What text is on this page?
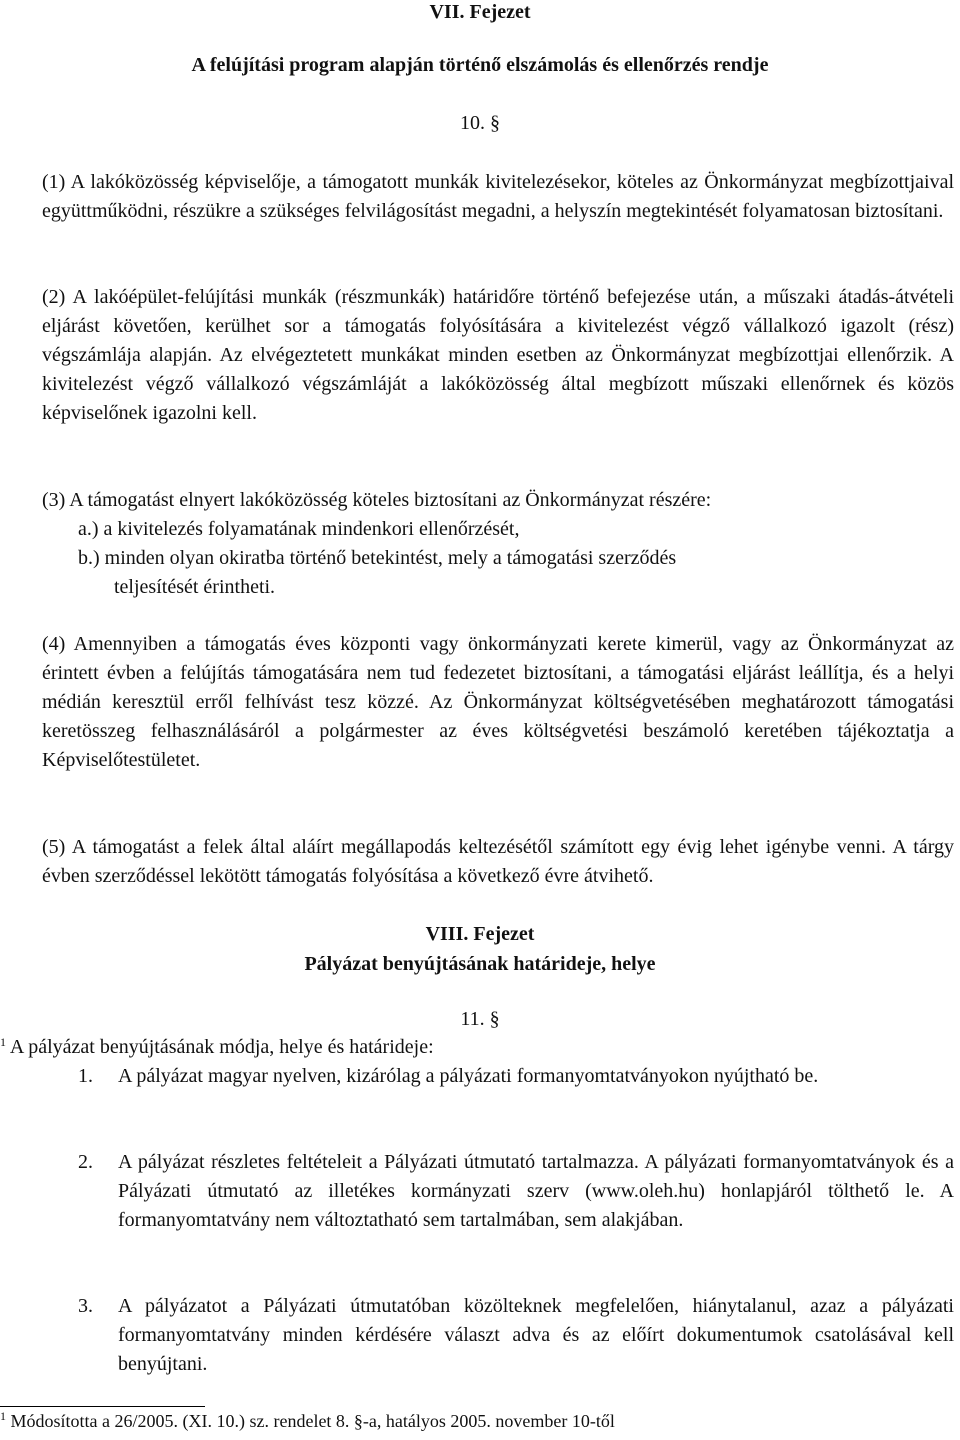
VII. Fejezet
A felújítási program alapján történő elszámolás és ellenőrzés rendje
10. §

(1) A lakóközösség képviselője, a támogatott munkák kivitelezésekor, köteles az Önkormányzat megbízottjaival együttműködni, részükre a szükséges felvilágosítást megadni, a helyszín megtekintését folyamatosan biztosítani.

(2) A lakóépület-felújítási munkák (részmunkák) határidőre történő befejezése után, a műszaki átadás-átvételi eljárást követően, kerülhet sor a támogatás folyósítására a kivitelezést végző vállalkozó igazolt (rész) végszámlája alapján. Az elvégeztetett munkákat minden esetben az Önkormányzat megbízottjai ellenőrzik. A kivitelezést végző vállalkozó végszámláját a lakóközösség által megbízott műszaki ellenőrnek és közös képviselőnek igazolni kell.

(3) A támogatást elnyert lakóközösség köteles biztosítani az Önkormányzat részére:

a.) a kivitelezés folyamatának mindenkori ellenőrzését,

b.) minden olyan okiratba történő betekintést, mely a támogatási szerződés

teljesítését érintheti.

(4) Amennyiben a támogatás éves központi vagy önkormányzati kerete kimerül, vagy az Önkormányzat az érintett évben a felújítás támogatására nem tud fedezetet biztosítani, a támogatási eljárást leállítja, és a helyi médián keresztül erről felhívást tesz közzé. Az Önkormányzat költségvetésében meghatározott támogatási keretösszeg felhasználásáról a polgármester az éves költségvetési beszámoló keretében tájékoztatja a Képviselőtestületet.

(5) A támogatást a felek által aláírt megállapodás keltezésétől számított egy évig lehet igénybe venni. A tárgy évben szerződéssel lekötött támogatás folyósítása a következő évre átvihető.

VIII. Fejezet
Pályázat benyújtásának határideje, helye
11. §
$^1$ A pályázat benyújtásának módja, helye és határideje:
1. A pályázat magyar nyelven, kizárólag a pályázati formanyomtatványokon nyújtható be.

2. A pályázat részletes feltételeit a Pályázati útmutató tartalmazza. A pályázati formanyomtatványok és a Pályázati útmutató az illetékes kormányzati szerv (www.oleh.hu) honlapjáról tölthető le. A formanyomtatvány nem változtatható sem tartalmában, sem alakjában.

3. A pályázatot a Pályázati útmutatóban közölteknek megfelelően, hiánytalanul, azaz a pályázati formanyomtatvány minden kérdésére választ adva és az előírt dokumentumok csatolásával kell benyújtani.

$^1$ Módosította a 26/2005. (XI. 10.) sz. rendelet 8. §-a, hatályos 2005. november 10-től
